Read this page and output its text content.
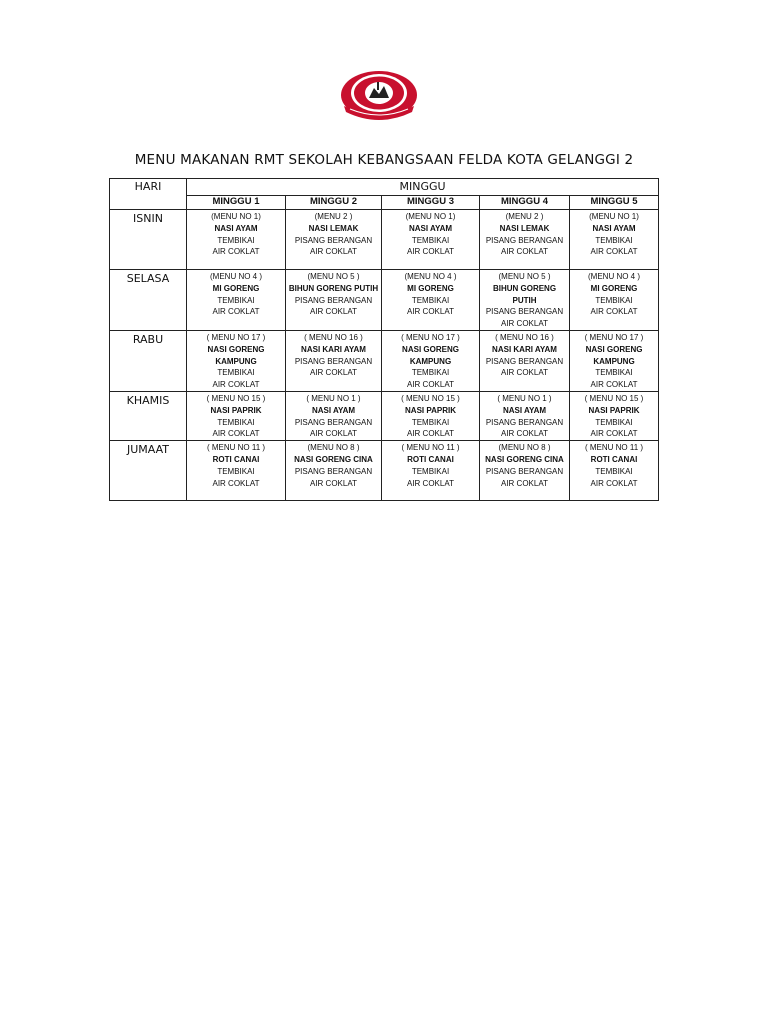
MENU MAKANAN RMT SEKOLAH KEBANGSAAN FELDA KOTA GELANGGI 2
HARI	MINGGU				
	MINGGU 1	MINGGU 2	MINGGU 3	MINGGU 4	MINGGU 5
ISNIN	(MENU NO 1)
NASI AYAM
TEMBIKAI
AIR COKLAT	(MENU 2 )
NASI LEMAK
PISANG BERANGAN
AIR COKLAT	(MENU NO 1)
NASI AYAM
TEMBIKAI
AIR COKLAT	(MENU 2 )
NASI LEMAK
PISANG BERANGAN
AIR COKLAT	(MENU NO 1)
NASI AYAM
TEMBIKAI
AIR COKLAT

SELASA	(MENU NO 4 )
MI GORENG
TEMBIKAI
AIR COKLAT	(MENU NO 5 )
BIHUN GORENG PUTIH
PISANG BERANGAN
AIR COKLAT	(MENU NO 4 )
MI GORENG
TEMBIKAI
AIR COKLAT	(MENU NO 5 )
BIHUN GORENG PUTIH
PISANG BERANGAN
AIR COKLAT	(MENU NO 4 )
MI GORENG
TEMBIKAI
AIR COKLAT

RABU	( MENU NO 17 )
NASI GORENG KAMPUNG
TEMBIKAI
AIR COKLAT	( MENU NO 16 )
NASI KARI AYAM
PISANG BERANGAN
AIR COKLAT	( MENU NO 17 )
NASI GORENG KAMPUNG
TEMBIKAI
AIR COKLAT	( MENU NO 16 )
NASI KARI AYAM
PISANG BERANGAN
AIR COKLAT	( MENU NO 17 )
NASI GORENG KAMPUNG
TEMBIKAI
AIR COKLAT

KHAMIS	( MENU NO 15 )
NASI PAPRIK
TEMBIKAI
AIR COKLAT	( MENU NO 1 )
NASI AYAM
PISANG BERANGAN
AIR COKLAT	( MENU NO 15 )
NASI PAPRIK
TEMBIKAI
AIR COKLAT	( MENU NO 1 )
NASI AYAM
PISANG BERANGAN
AIR COKLAT	( MENU NO 15 )
NASI PAPRIK
TEMBIKAI
AIR COKLAT

JUMAAT	( MENU NO 11 )
ROTI CANAI
TEMBIKAI
AIR COKLAT	(MENU NO 8 )
NASI GORENG CINA
PISANG BERANGAN
AIR COKLAT	( MENU NO 11 )
ROTI CANAI
TEMBIKAI
AIR COKLAT	(MENU NO 8 )
NASI GORENG CINA
PISANG BERANGAN
AIR COKLAT	( MENU NO 11 )
ROTI CANAI
TEMBIKAI
AIR COKLAT
